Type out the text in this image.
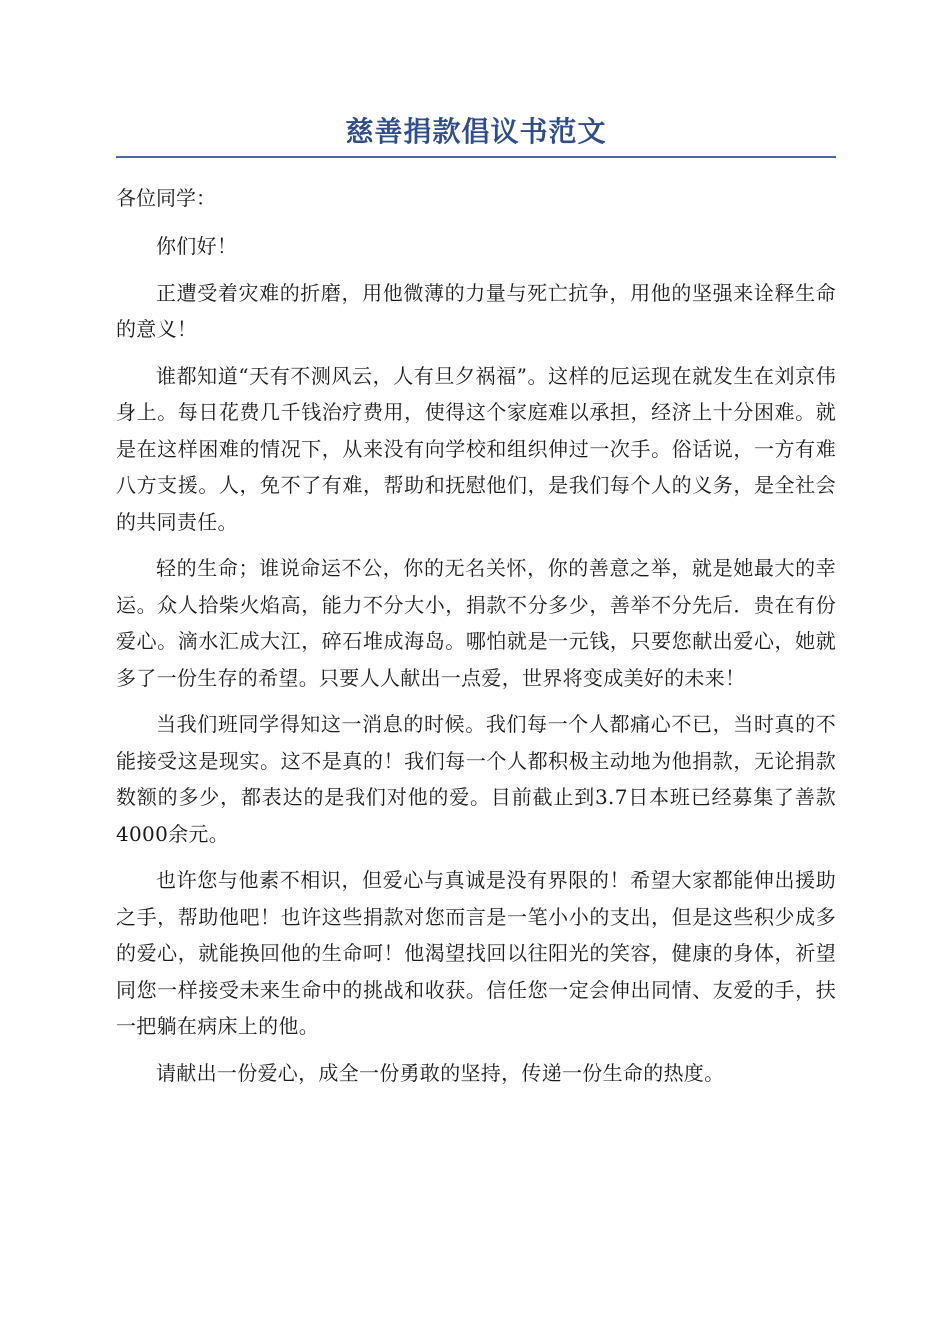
慈善捐款倡议书范文

各位同学：

你们好！

正遭受着灾难的折磨，用他微薄的力量与死亡抗争，用他的坚强来诠释生命的意义！

谁都知道“天有不测风云，人有旦夕祸福”。这样的厄运现在就发生在刘京伟身上。每日花费几千钱治疗费用，使得这个家庭难以承担，经济上十分困难。就是在这样困难的情况下，从来没有向学校和组织伸过一次手。俗话说，一方有难八方支援。人，免不了有难，帮助和抚慰他们，是我们每个人的义务，是全社会的共同责任。

轻的生命；谁说命运不公，你的无名关怀，你的善意之举，就是她最大的幸运。众人拾柴火焰高，能力不分大小，捐款不分多少，善举不分先后．贵在有份爱心。滴水汇成大江，碎石堆成海岛。哪怕就是一元钱，只要您献出爱心，她就多了一份生存的希望。只要人人献出一点爱，世界将变成美好的未来！

当我们班同学得知这一消息的时候。我们每一个人都痛心不已，当时真的不能接受这是现实。这不是真的！我们每一个人都积极主动地为他捐款，无论捐款数额的多少，都表达的是我们对他的爱。目前截止到3.7日本班已经募集了善款4000余元。

也许您与他素不相识，但爱心与真诚是没有界限的！希望大家都能伸出援助之手，帮助他吧！也许这些捐款对您而言是一笔小小的支出，但是这些积少成多的爱心，就能换回他的生命呵！他渴望找回以往阳光的笑容，健康的身体，祈望同您一样接受未来生命中的挑战和收获。信任您一定会伸出同情、友爱的手，扶一把躺在病床上的他。

请献出一份爱心，成全一份勇敢的坚持，传递一份生命的热度。
